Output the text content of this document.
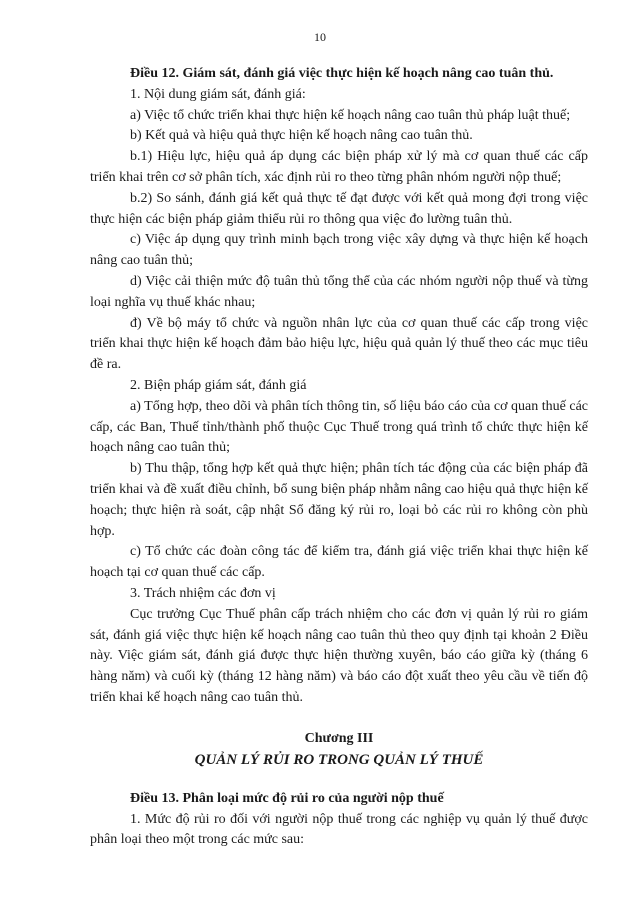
10

Điều 12. Giám sát, đánh giá việc thực hiện kế hoạch nâng cao tuân thủ.

1. Nội dung giám sát, đánh giá:

a) Việc tổ chức triển khai thực hiện kế hoạch nâng cao tuân thủ pháp luật thuế;

b) Kết quả và hiệu quả thực hiện kế hoạch nâng cao tuân thủ.

b.1) Hiệu lực, hiệu quả áp dụng các biện pháp xử lý mà cơ quan thuế các cấp triển khai trên cơ sở phân tích, xác định rủi ro theo từng phân nhóm người nộp thuế;

b.2) So sánh, đánh giá kết quả thực tế đạt được với kết quả mong đợi trong việc thực hiện các biện pháp giảm thiểu rủi ro thông qua việc đo lường tuân thủ.

c) Việc áp dụng quy trình minh bạch trong việc xây dựng và thực hiện kế hoạch nâng cao tuân thủ;

d) Việc cải thiện mức độ tuân thủ tổng thể của các nhóm người nộp thuế và từng loại nghĩa vụ thuế khác nhau;

đ) Về bộ máy tổ chức và nguồn nhân lực của cơ quan thuế các cấp trong việc triển khai thực hiện kế hoạch đảm bảo hiệu lực, hiệu quả quản lý thuế theo các mục tiêu đề ra.

2. Biện pháp giám sát, đánh giá

a) Tổng hợp, theo dõi và phân tích thông tin, số liệu báo cáo của cơ quan thuế các cấp, các Ban, Thuế tỉnh/thành phố thuộc Cục Thuế trong quá trình tổ chức thực hiện kế hoạch nâng cao tuân thủ;

b) Thu thập, tổng hợp kết quả thực hiện; phân tích tác động của các biện pháp đã triển khai và đề xuất điều chỉnh, bổ sung biện pháp nhằm nâng cao hiệu quả thực hiện kế hoạch; thực hiện rà soát, cập nhật Sổ đăng ký rủi ro, loại bỏ các rủi ro không còn phù hợp.

c) Tổ chức các đoàn công tác để kiểm tra, đánh giá việc triển khai thực hiện kế hoạch tại cơ quan thuế các cấp.

3. Trách nhiệm các đơn vị

Cục trưởng Cục Thuế phân cấp trách nhiệm cho các đơn vị quản lý rủi ro giám sát, đánh giá việc thực hiện kế hoạch nâng cao tuân thủ theo quy định tại khoản 2 Điều này. Việc giám sát, đánh giá được thực hiện thường xuyên, báo cáo giữa kỳ (tháng 6 hàng năm) và cuối kỳ (tháng 12 hàng năm) và báo cáo đột xuất theo yêu cầu về tiến độ triển khai kế hoạch nâng cao tuân thủ.

Chương III
QUẢN LÝ RỦI RO TRONG QUẢN LÝ THUẾ

Điều 13. Phân loại mức độ rủi ro của người nộp thuế

1. Mức độ rủi ro đối với người nộp thuế trong các nghiệp vụ quản lý thuế được phân loại theo một trong các mức sau:
